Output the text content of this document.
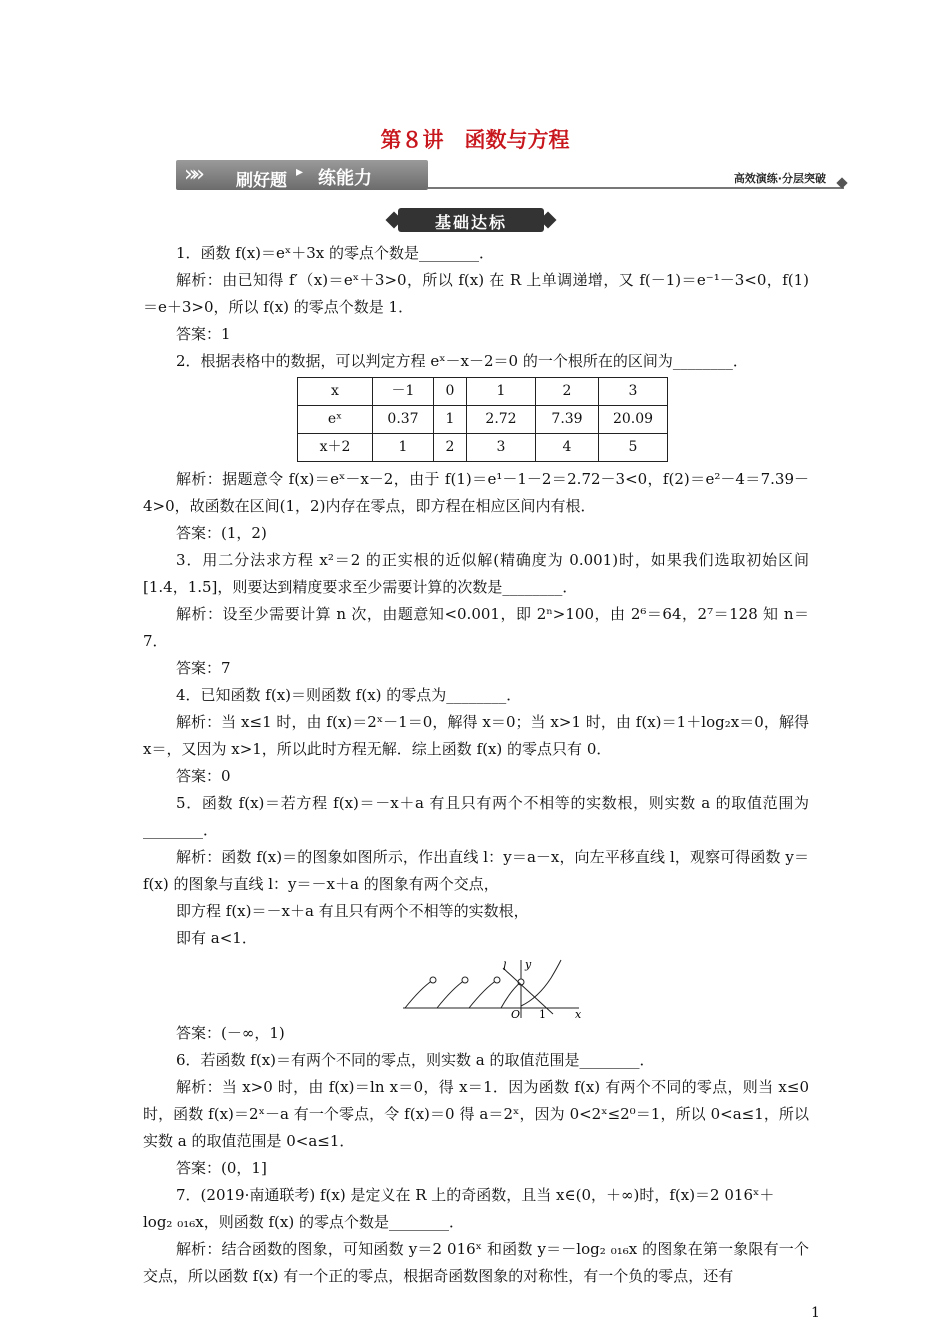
第８讲　函数与方程
»» 刷好题 ▸ 练能力	高效演练·分层突破
基础达标

1．函数 f(x)＝eˣ＋3x 的零点个数是________．

解析：由已知得 f′（x)＝eˣ＋3>0，所以 f(x) 在 R 上单调递增，又 f(－1)＝e⁻¹－3<0，f(1)＝e＋3>0，所以 f(x) 的零点个数是 1．

答案：1

2．根据表格中的数据，可以判定方程 eˣ－x－2＝0 的一个根所在的区间为________．

x	－1	0	1	2	3
eˣ	0.37	1	2.72	7.39	20.09
x＋2	1	2	3	4	5

解析：据题意令 f(x)＝eˣ－x－2，由于 f(1)＝e¹－1－2＝2.72－3<0，f(2)＝e²－4＝7.39－4>0，故函数在区间(1，2)内存在零点，即方程在相应区间内有根．

答案：(1，2)

3．用二分法求方程 x²＝2 的正实根的近似解(精确度为 0.001)时，如果我们选取初始区间[1.4，1.5]，则要达到精度要求至少需要计算的次数是________．

解析：设至少需要计算 n 次，由题意知<0.001，即 2ⁿ>100，由 2⁶＝64，2⁷＝128 知 n＝7．

答案：7

4．已知函数 f(x)＝则函数 f(x) 的零点为________．

解析：当 x≤1 时，由 f(x)＝2ˣ－1＝0，解得 x＝0；当 x>1 时，由 f(x)＝1＋log₂x＝0，解得 x＝，又因为 x>1，所以此时方程无解．综上函数 f(x) 的零点只有 0．

答案：0

5．函数 f(x)＝若方程 f(x)＝－x＋a 有且只有两个不相等的实数根，则实数 a 的取值范围为________．

解析：函数 f(x)＝的图象如图所示，作出直线 l：y＝a－x，向左平移直线 l，观察可得函数 y＝f(x) 的图象与直线 l：y＝－x＋a 的图象有两个交点，

即方程 f(x)＝－x＋a 有且只有两个不相等的实数根，

即有 a<1．

l y
O 1	x

答案：(－∞，1)

6．若函数 f(x)＝有两个不同的零点，则实数 a 的取值范围是________．

解析：当 x>0 时，由 f(x)＝ln x＝0，得 x＝1．因为函数 f(x) 有两个不同的零点，则当 x≤0 时，函数 f(x)＝2ˣ－a 有一个零点，令 f(x)＝0 得 a＝2ˣ，因为 0<2ˣ≤2⁰＝1，所以 0<a≤1，所以实数 a 的取值范围是 0<a≤1．

答案：(0，1]

7．(2019·南通联考) f(x) 是定义在 R 上的奇函数，且当 x∈(0，＋∞)时，f(x)＝2 016ˣ＋

log₂ ₀₁₆x，则函数 f(x) 的零点个数是________．

解析：结合函数的图象，可知函数 y＝2 016ˣ 和函数 y＝－log₂ ₀₁₆x 的图象在第一象限有一个交点，所以函数 f(x) 有一个正的零点，根据奇函数图象的对称性，有一个负的零点，还有

1
